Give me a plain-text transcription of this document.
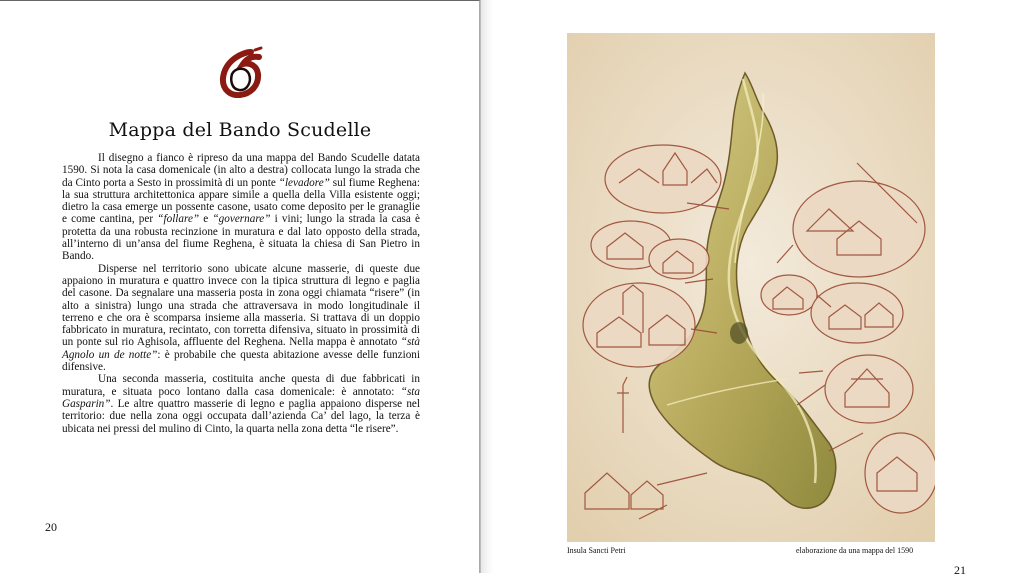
Mappa del Bando Scudelle

Il disegno a fianco è ripreso da una mappa del Bando Scudelle datata 1590. Si nota la casa domenicale (in alto a destra) collocata lungo la strada che da Cinto porta a Sesto in prossimità di un ponte “levadore” sul fiume Reghena: la sua struttura architettonica appare simile a quella della Villa esistente oggi; dietro la casa emerge un possente casone, usato come deposito per le granaglie e come cantina, per “follare” e “governare” i vini; lungo la strada la casa è protetta da una robusta recinzione in muratura e dal lato opposto della strada, all’interno di un’ansa del fiume Reghena, è situata la chiesa di San Pietro in Bando.

Disperse nel territorio sono ubicate alcune masserie, di queste due appaiono in muratura e quattro invece con la tipica struttura di legno e paglia del casone. Da segnalare una masseria posta in zona oggi chiamata “risere” (in alto a sinistra) lungo una strada che attraversava in modo longitudinale il terreno e che ora è scomparsa insieme alla masseria. Si trattava di un doppio fabbricato in muratura, recintato, con torretta difensiva, situato in prossimità di un ponte sul rio Aghisola, affluente del Reghena. Nella mappa è annotato “stà Agnolo un de notte”: è probabile che questa abitazione avesse delle funzioni difensive.

Una seconda masseria, costituita anche questa di due fabbricati in muratura, e situata poco lontano dalla casa domenicale: è annotato: “sta Gasparin”. Le altre quattro masserie di legno e paglia appaiono disperse nel territorio: due nella zona oggi occupata dall’azienda Ca’ del lago, la terza è ubicata nei pressi del mulino di Cinto, la quarta nella zona detta “le risere”.

20
Insula Sancti Petri	elaborazione da una mappa del 1590
21
